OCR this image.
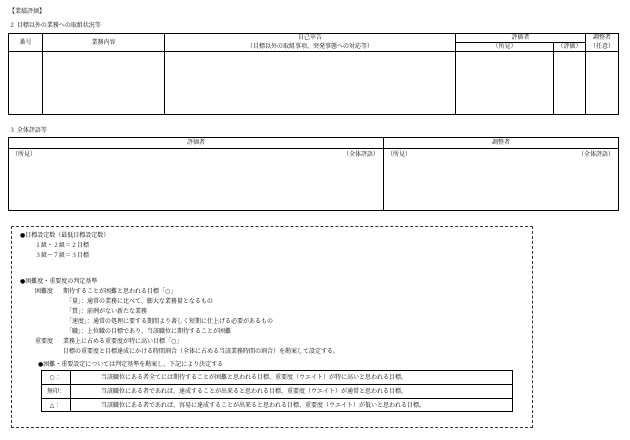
【業績評価】
２ 目標以外の業務への取組状況等
番号	業務内容	自己申告	評価者		調整者
		（目標以外の取組事項、突発事態への対応等）	（所見）	（評価）	（任意）

３ 全体評語等
評価者		調整者	
（所見）	（全体評語）	（所見）	（全体評語）
●目標設定数（最低目標設定数）
１級・２級＝２目標
３級～７級＝３目標
●困難度・重要度の判定基準
困難度 期待することが困難と思われる目標「○」
「量」：通常の業務に比べて、膨大な業務量となるもの
「質」：前例がない新たな業務
「速度」：通常の処理に要する期間より著しく短期に仕上げる必要があるもの
「職」：上位職の目標であり、当該職位に期待することが困難
重要度 業務上に占める重要度が特に高い目標「○」
目標の重要度と目標達成にかける時間割合（全体に占める当該業務時間の割合）を勘案して設定する。
●困難・重要設定については判定基準を勘案し、下記により決定する
○ ：	当該職位にある者全てには期待することが困難と思われる目標、重要度（ウエイト）が特に高いと思われる目標。
無印：	当該職位にある者であれば、達成することが出来ると思われる目標、重要度（ウエイト）が通常と思われる目標。
△ ：	当該職位にある者であれば、容易に達成することが出来ると思われる目標、重要度（ウエイト）が低いと思われる目標。
